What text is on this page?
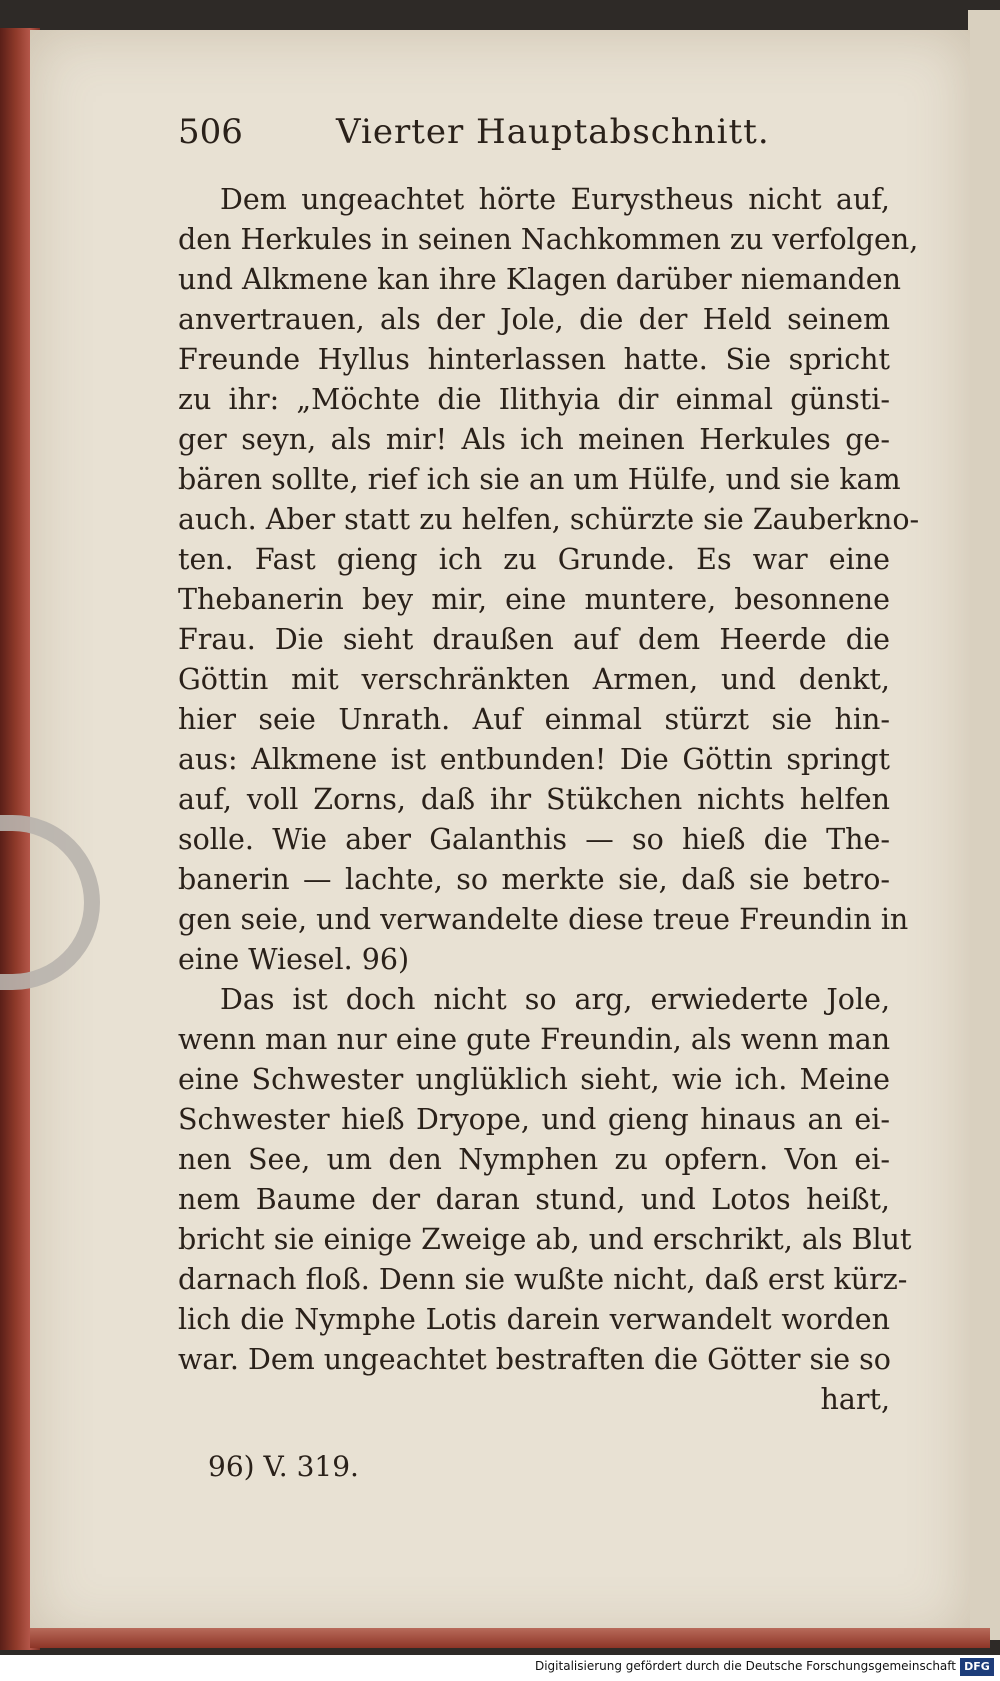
506	Vierter Hauptabschnitt.
Dem ungeachtet hörte Eurystheus nicht auf,
den Herkules in seinen Nachkommen zu verfolgen,
und Alkmene kan ihre Klagen darüber niemanden
anvertrauen, als der Jole, die der Held seinem
Freunde Hyllus hinterlassen hatte. Sie spricht
zu ihr: „Möchte die Ilithyia dir einmal günsti-
ger seyn, als mir! Als ich meinen Herkules ge-
bären sollte, rief ich sie an um Hülfe, und sie kam
auch. Aber statt zu helfen, schürzte sie Zauberkno-
ten. Fast gieng ich zu Grunde. Es war eine
Thebanerin bey mir, eine muntere, besonnene
Frau. Die sieht draußen auf dem Heerde die
Göttin mit verschränkten Armen, und denkt,
hier seie Unrath. Auf einmal stürzt sie hin-
aus: Alkmene ist entbunden! Die Göttin springt
auf, voll Zorns, daß ihr Stükchen nichts helfen
solle. Wie aber Galanthis — so hieß die The-
banerin — lachte, so merkte sie, daß sie betro-
gen seie, und verwandelte diese treue Freundin in
eine Wiesel. 96)
Das ist doch nicht so arg, erwiederte Jole,
wenn man nur eine gute Freundin, als wenn man
eine Schwester unglüklich sieht, wie ich. Meine
Schwester hieß Dryope, und gieng hinaus an ei-
nen See, um den Nymphen zu opfern. Von ei-
nem Baume der daran stund, und Lotos heißt,
bricht sie einige Zweige ab, und erschrikt, als Blut
darnach floß. Denn sie wußte nicht, daß erst kürz-
lich die Nymphe Lotis darein verwandelt worden
war. Dem ungeachtet bestraften die Götter sie so
hart,
96) V. 319.
Digitalisierung gefördert durch die Deutsche Forschungsgemeinschaft DFG
